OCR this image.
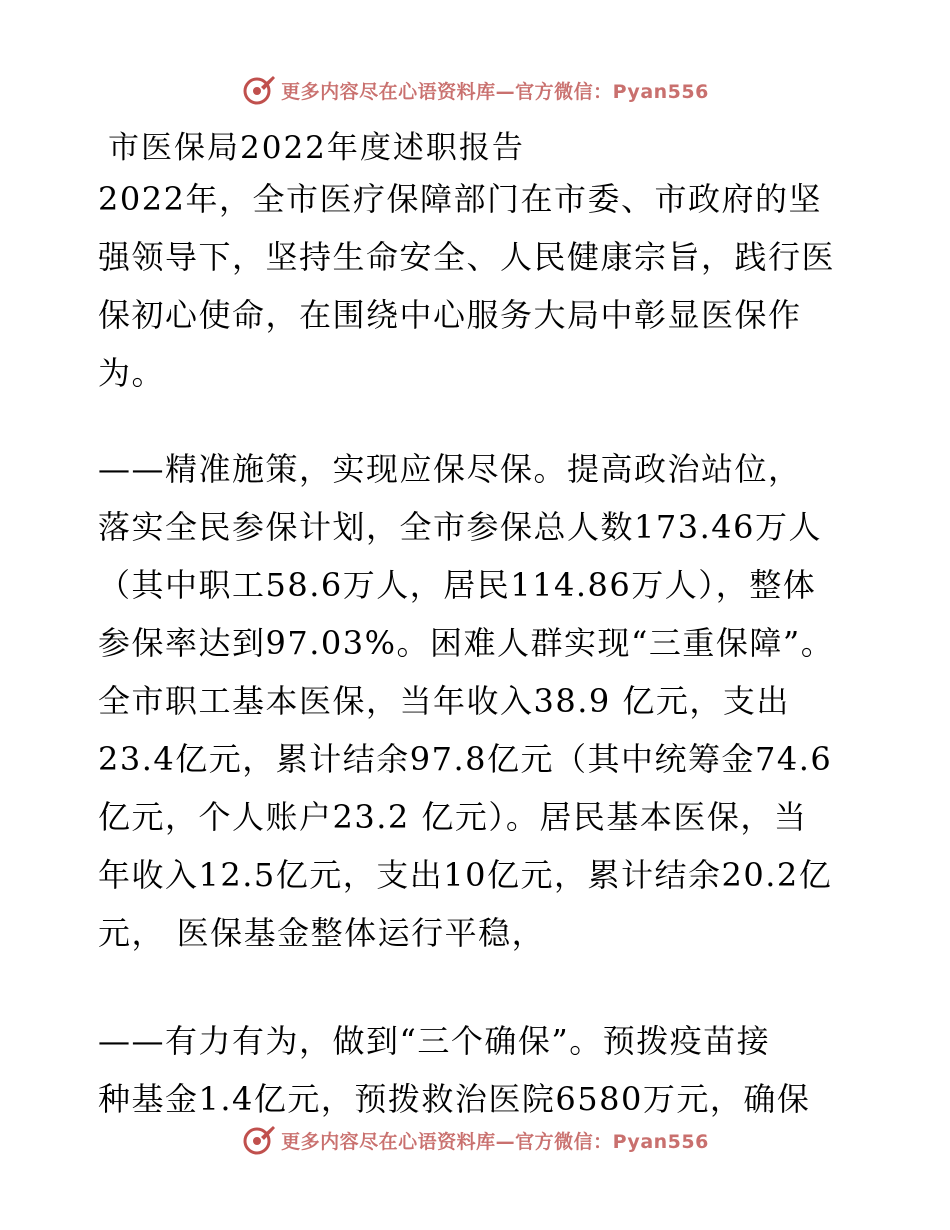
更多内容尽在心语资料库—官方微信：Pyan556
市医保局2022年度述职报告
2022年，全市医疗保障部门在市委、市政府的坚
强领导下，坚持生命安全、人民健康宗旨，践行医
保初心使命，在围绕中心服务大局中彰显医保作
为。
——精准施策，实现应保尽保。提高政治站位，
落实全民参保计划，全市参保总人数173.46万人
（其中职工58.6万人，居民114.86万人），整体
参保率达到97.03%。困难人群实现“三重保障”。
全市职工基本医保，当年收入38.9 亿元，支出
23.4亿元，累计结余97.8亿元（其中统筹金74.6
亿元，个人账户23.2 亿元）。居民基本医保，当
年收入12.5亿元，支出10亿元，累计结余20.2亿
元， 医保基金整体运行平稳，
——有力有为，做到“三个确保”。预拨疫苗接
种基金1.4亿元，预拨救治医院6580万元，确保
更多内容尽在心语资料库—官方微信：Pyan556
